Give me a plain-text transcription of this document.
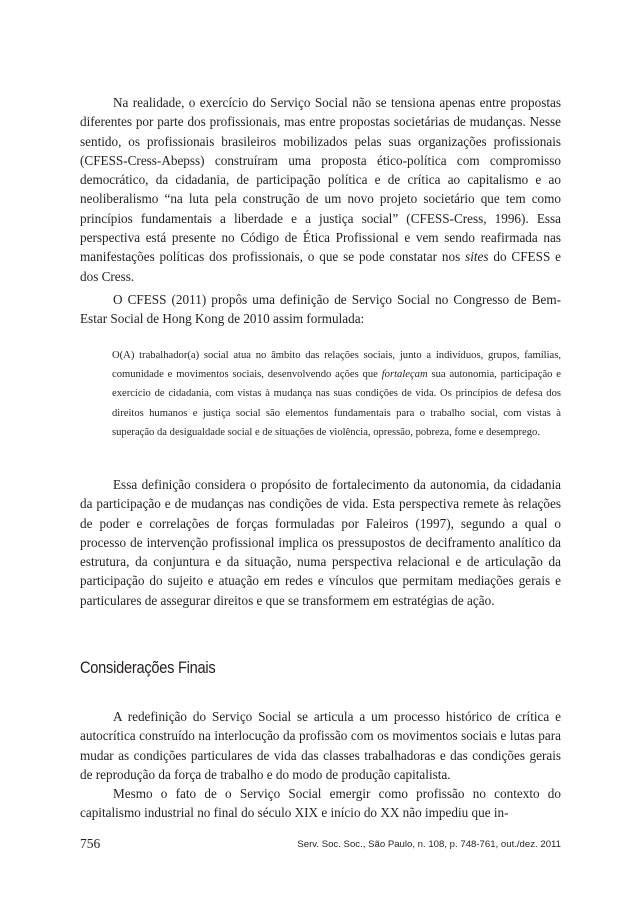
Na realidade, o exercício do Serviço Social não se tensiona apenas entre propostas diferentes por parte dos profissionais, mas entre propostas societárias de mudanças. Nesse sentido, os profissionais brasileiros mobilizados pelas suas organizações profissionais (CFESS-Cress-Abepss) construíram uma proposta ético-política com compromisso democrático, da cidadania, de participação política e de crítica ao capitalismo e ao neoliberalismo “na luta pela construção de um novo projeto societário que tem como princípios fundamentais a liberdade e a justiça social” (CFESS-Cress, 1996). Essa perspectiva está presente no Código de Ética Profissional e vem sendo reafirmada nas manifestações políticas dos profissionais, o que se pode constatar nos sites do CFESS e dos Cress.

O CFESS (2011) propôs uma definição de Serviço Social no Congresso de Bem-Estar Social de Hong Kong de 2010 assim formulada:

O(A) trabalhador(a) social atua no âmbito das relações sociais, junto a indivíduos, grupos, famílias, comunidade e movimentos sociais, desenvolvendo ações que fortaleçam sua autonomia, participação e exercício de cidadania, com vistas à mudança nas suas condições de vida. Os princípios de defesa dos direitos humanos e justiça social são elementos fundamentais para o trabalho social, com vistas à superação da desigualdade social e de situações de violência, opressão, pobreza, fome e desemprego.

Essa definição considera o propósito de fortalecimento da autonomia, da cidadania da participação e de mudanças nas condições de vida. Esta perspectiva remete às relações de poder e correlações de forças formuladas por Faleiros (1997), segundo a qual o processo de intervenção profissional implica os pressupostos de deciframento analítico da estrutura, da conjuntura e da situação, numa perspectiva relacional e de articulação da participação do sujeito e atuação em redes e vínculos que permitam mediações gerais e particulares de assegurar direitos e que se transformem em estratégias de ação.

Considerações Finais

A redefinição do Serviço Social se articula a um processo histórico de crítica e autocrítica construído na interlocução da profissão com os movimentos sociais e lutas para mudar as condições particulares de vida das classes trabalhadoras e das condições gerais de reprodução da força de trabalho e do modo de produção capitalista.

Mesmo o fato de o Serviço Social emergir como profissão no contexto do capitalismo industrial no final do século XIX e início do XX não impediu que in-

756	Serv. Soc. Soc., São Paulo, n. 108, p. 748-761, out./dez. 2011
